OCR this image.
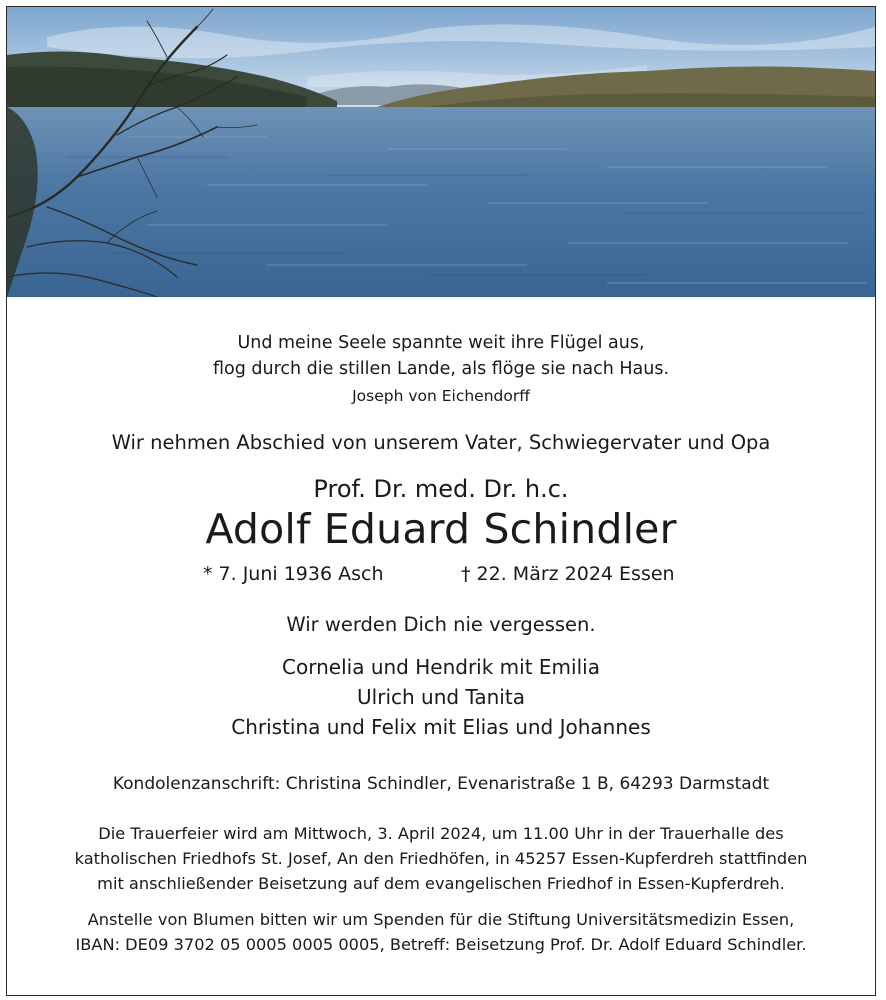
Und meine Seele spannte weit ihre Flügel aus,
flog durch die stillen Lande, als flöge sie nach Haus.
Joseph von Eichendorff
Wir nehmen Abschied von unserem Vater, Schwiegervater und Opa
Prof. Dr. med. Dr. h.c.
Adolf Eduard Schindler
* 7. Juni 1936 Asch	† 22. März 2024 Essen
Wir werden Dich nie vergessen.
Cornelia und Hendrik mit Emilia
Ulrich und Tanita
Christina und Felix mit Elias und Johannes
Kondolenzanschrift: Christina Schindler, Evenaristraße 1 B, 64293 Darmstadt
Die Trauerfeier wird am Mittwoch, 3. April 2024, um 11.00 Uhr in der Trauerhalle des
katholischen Friedhofs St. Josef, An den Friedhöfen, in 45257 Essen-Kupferdreh stattfinden
mit anschließender Beisetzung auf dem evangelischen Friedhof in Essen-Kupferdreh.
Anstelle von Blumen bitten wir um Spenden für die Stiftung Universitätsmedizin Essen,
IBAN: DE09 3702 05 0005 0005 0005, Betreff: Beisetzung Prof. Dr. Adolf Eduard Schindler.
